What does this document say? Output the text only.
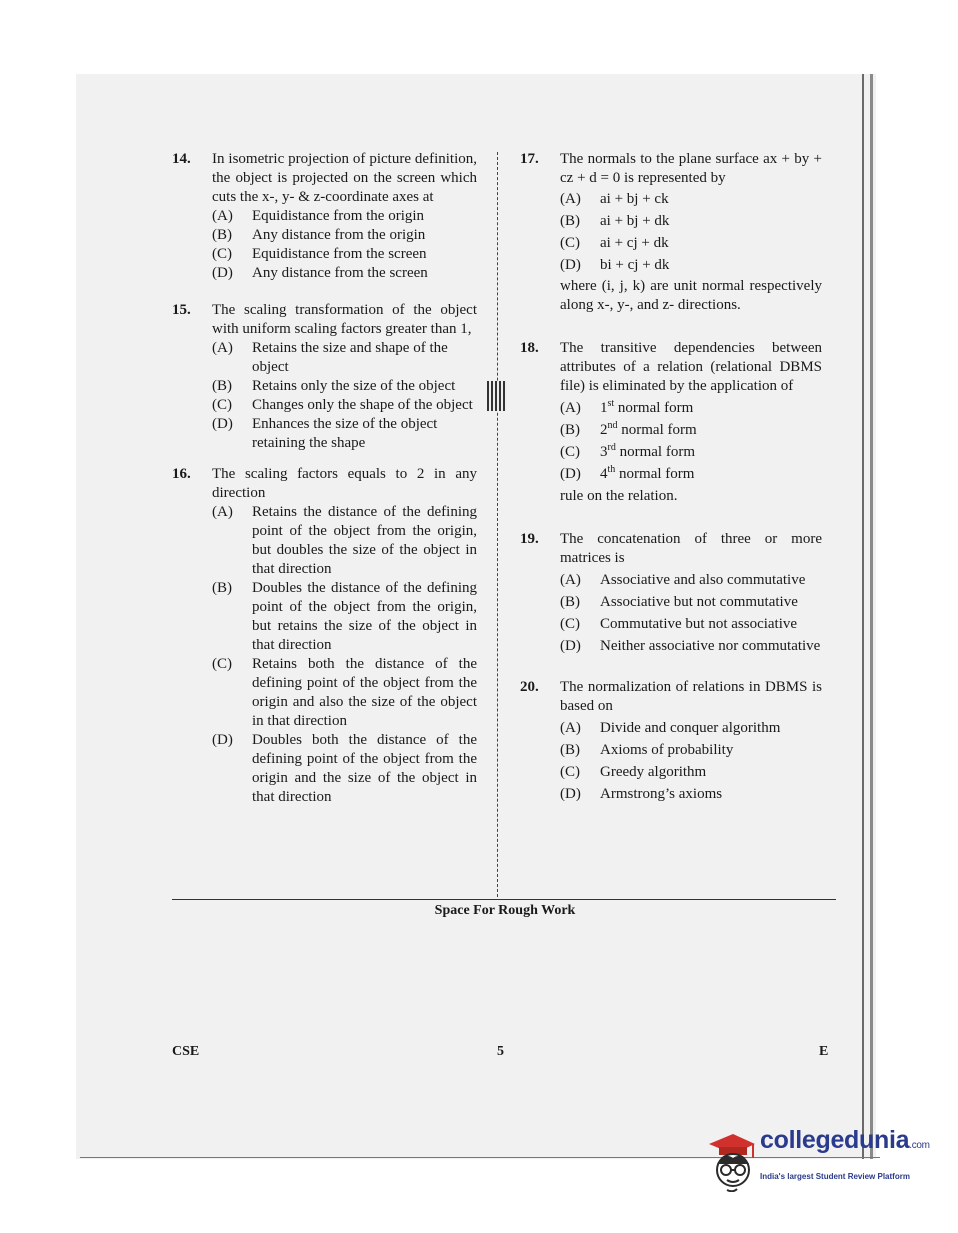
14. In isometric projection of picture definition, the object is projected on the screen which cuts the x-, y- & z-coordinate axes at
(A) Equidistance from the origin
(B) Any distance from the origin
(C) Equidistance from the screen
(D) Any distance from the screen
15. The scaling transformation of the object with uniform scaling factors greater than 1,
(A) Retains the size and shape of the object
(B) Retains only the size of the object
(C) Changes only the shape of the object
(D) Enhances the size of the object retaining the shape
16. The scaling factors equals to 2 in any direction
(A) Retains the distance of the defining point of the object from the origin, but doubles the size of the object in that direction
(B) Doubles the distance of the defining point of the object from the origin, but retains the size of the object in that direction
(C) Retains both the distance of the defining point of the object from the origin and also the size of the object in that direction
(D) Doubles both the distance of the defining point of the object from the origin and the size of the object in that direction
17. The normals to the plane surface ax + by + cz + d = 0 is represented by
(A) ai + bj + ck
(B) ai + bj + dk
(C) ai + cj + dk
(D) bi + cj + dk
where (i, j, k) are unit normal respectively along x-, y-, and z- directions.
18. The transitive dependencies between attributes of a relation (relational DBMS file) is eliminated by the application of
(A) 1st normal form
(B) 2nd normal form
(C) 3rd normal form
(D) 4th normal form
rule on the relation.
19. The concatenation of three or more matrices is
(A) Associative and also commutative
(B) Associative but not commutative
(C) Commutative but not associative
(D) Neither associative nor commutative
20. The normalization of relations in DBMS is based on
(A) Divide and conquer algorithm
(B) Axioms of probability
(C) Greedy algorithm
(D) Armstrong’s axioms
Space For Rough Work
CSE	5	E
collegedunia.com
India's largest Student Review Platform
